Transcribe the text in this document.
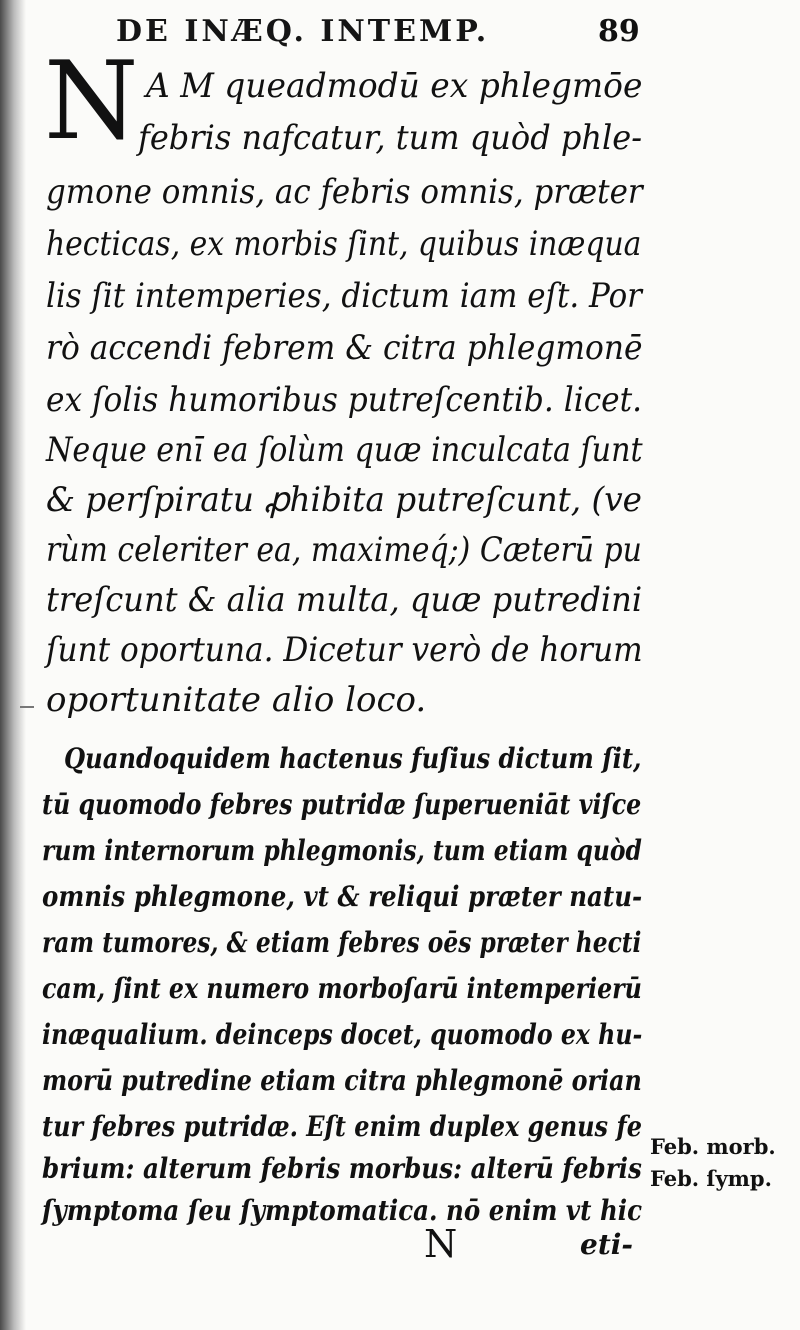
DE INÆQ. INTEMP.	89
N A M queadmodū ex phlegmōe
febris nafcatur, tum quòd phle-
gmone omnis, ac febris omnis, præter
hecticas, ex morbis ſint, quibus inæqua
lis ſit intemperies, dictum iam eſt. Por
rò accendi febrem & citra phlegmonē
ex ſolis humoribus putreſcentib. licet.
Neque enī ea ſolùm quæ inculcata ſunt
& perſpiratu ꝓhibita putreſcunt, (ve
rùm celeriter ea, maximeq́;) Cæterū pu
treſcunt & alia multa, quæ putredini
ſunt oportuna. Dicetur verò de horum
oportunitate alio loco.
Quandoquidem hactenus fuſius dictum ſit,
tū quomodo febres putridæ ſuperueniāt viſce
rum internorum phlegmonis, tum etiam quòd
omnis phlegmone, vt & reliqui præter natu-
ram tumores, & etiam febres oēs præter hecti
cam, ſint ex numero morboſarū intemperierū
inæqualium. deinceps docet, quomodo ex hu-
morū putredine etiam citra phlegmonē orian
tur febres putridæ. Eſt enim duplex genus fe
brium: alterum febris morbus: alterū febris
ſymptoma ſeu ſymptomatica. nō enim vt hic
Feb. morb.
Feb. ſymp.
N	eti-
